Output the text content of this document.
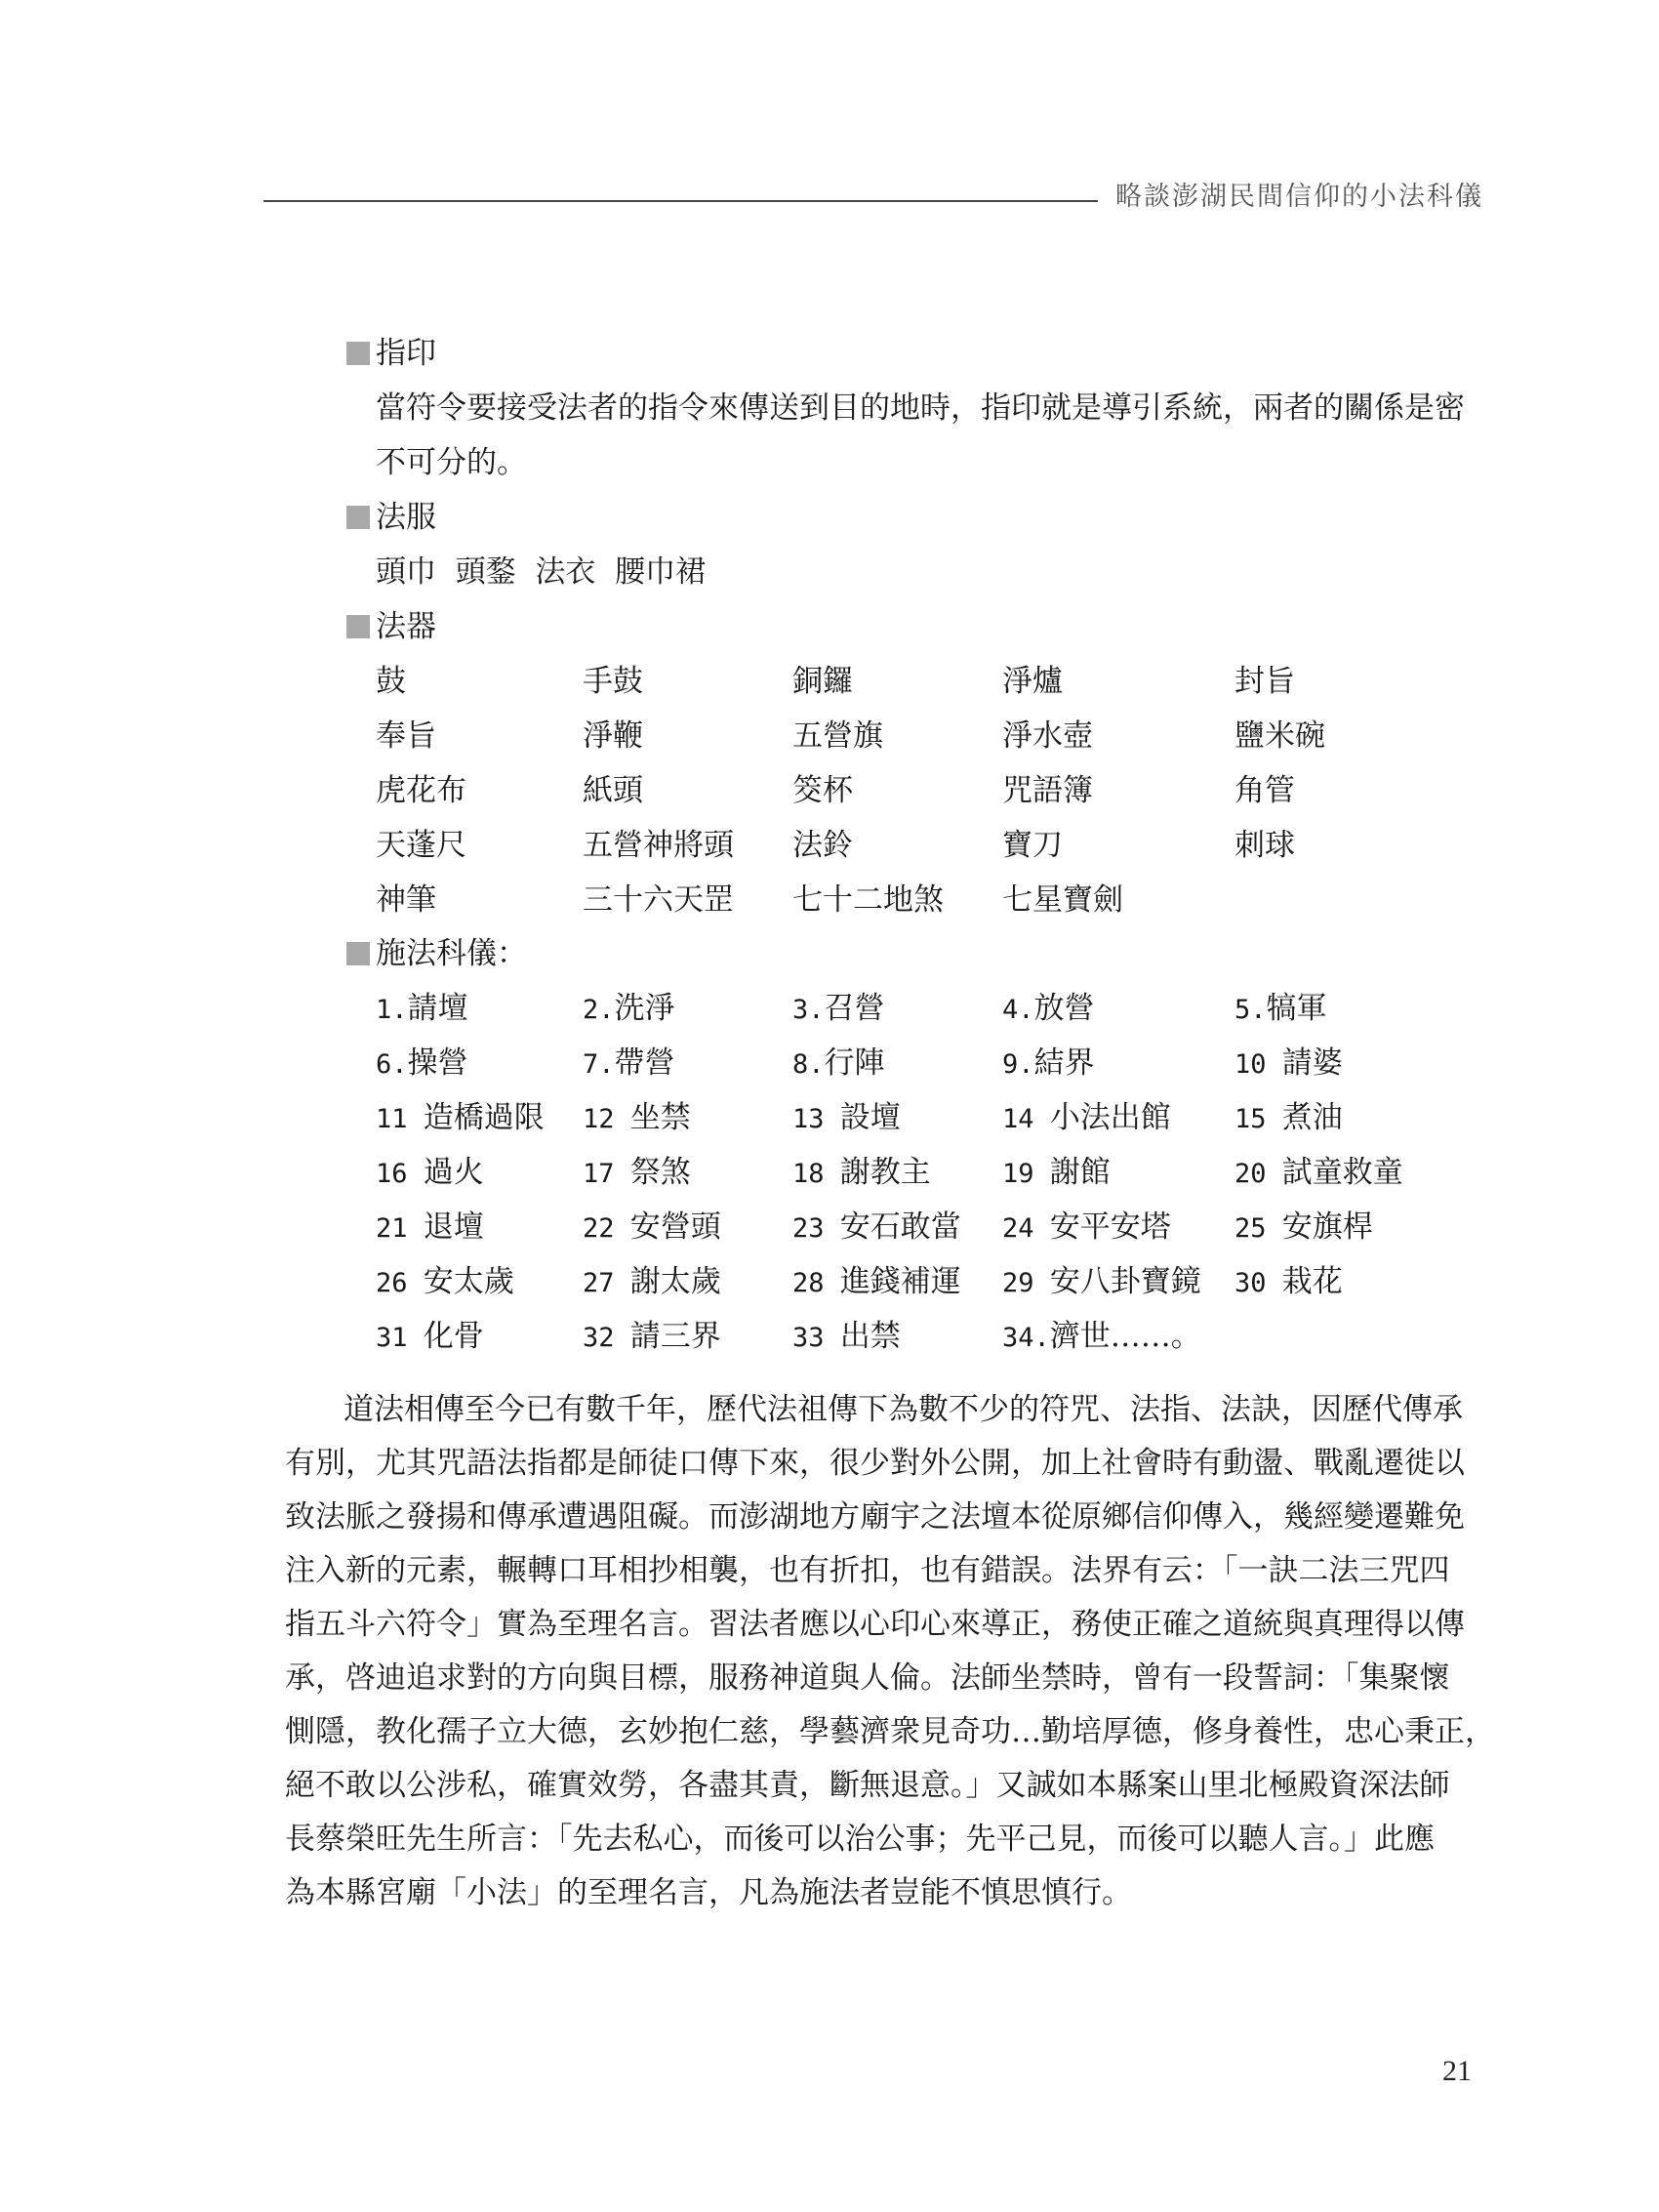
略談澎湖民間信仰的小法科儀
指印
當符令要接受法者的指令來傳送到目的地時，指印就是導引系統，兩者的關係是密
不可分的。
法服
頭巾  頭鍪  法衣  腰巾裙
法器
鼓	手鼓	銅鑼	淨爐	封旨
奉旨	淨鞭	五營旗	淨水壺	鹽米碗
虎花布	紙頭	筊杯	咒語簿	角管
天蓬尺	五營神將頭 法鈴	寶刀	刺球
神筆	三十六天罡 七十二地煞 七星寶劍
施法科儀：
1.請壇	2.洗淨	3.召營	4.放營	5.犒軍
6.操營	7.帶營	8.行陣	9.結界	10 請婆
11 造橋過限 12 坐禁	13 設壇	14 小法出館 15 煮油
16 過火	17 祭煞	18 謝教主	19 謝館	20 試童救童
21 退壇	22 安營頭	23 安石敢當 24 安平安塔 25 安旗桿
26 安太歲	27 謝太歲	28 進錢補運 29 安八卦寶鏡 30 栽花
31 化骨	32 請三界	33 出禁	34.濟世……。
道法相傳至今已有數千年，歷代法祖傳下為數不少的符咒、法指、法訣，因歷代傳承
有別，尤其咒語法指都是師徒口傳下來，很少對外公開，加上社會時有動盪、戰亂遷徙以
致法脈之發揚和傳承遭遇阻礙。而澎湖地方廟宇之法壇本從原鄉信仰傳入，幾經變遷難免
注入新的元素，輾轉口耳相抄相襲，也有折扣，也有錯誤。法界有云：「一訣二法三咒四
指五斗六符令」實為至理名言。習法者應以心印心來導正，務使正確之道統與真理得以傳
承，啓迪追求對的方向與目標，服務神道與人倫。法師坐禁時，曾有一段誓詞：「集聚懷
惻隱，教化孺子立大德，玄妙抱仁慈，學藝濟衆見奇功…勤培厚德，修身養性，忠心秉正，
絕不敢以公涉私，確實效勞，各盡其責，斷無退意。」又誠如本縣案山里北極殿資深法師
長蔡榮旺先生所言：「先去私心，而後可以治公事；先平己見，而後可以聽人言。」此應
為本縣宮廟「小法」的至理名言，凡為施法者豈能不慎思慎行。
21
